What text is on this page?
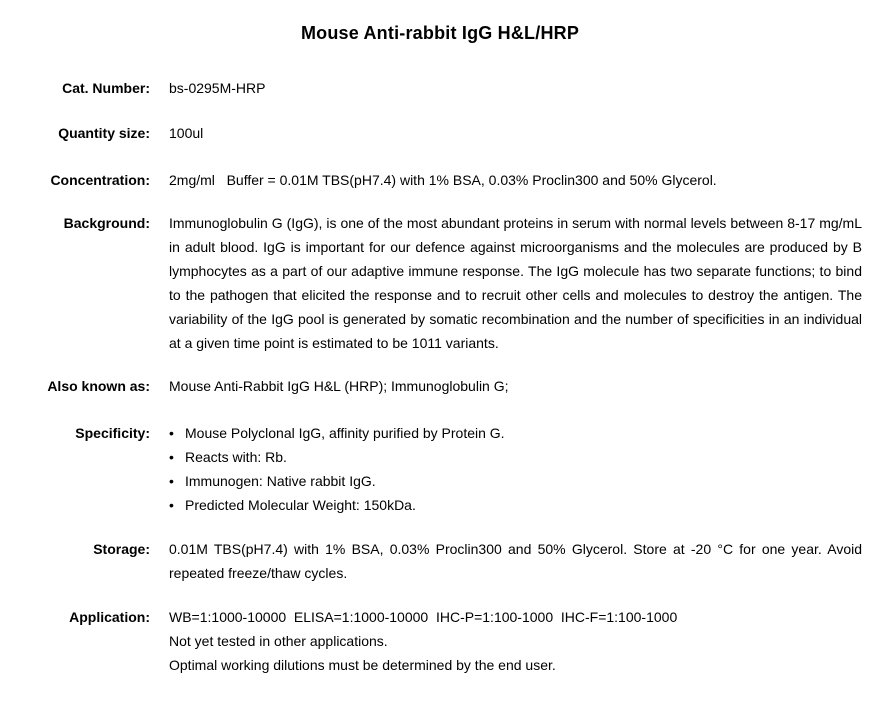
Mouse Anti-rabbit IgG H&L/HRP
Cat. Number: bs-0295M-HRP
Quantity size: 100ul
Concentration: 2mg/ml   Buffer = 0.01M TBS(pH7.4) with 1% BSA, 0.03% Proclin300 and 50% Glycerol.
Background: Immunoglobulin G (IgG), is one of the most abundant proteins in serum with normal levels between 8-17 mg/mL in adult blood. IgG is important for our defence against microorganisms and the molecules are produced by B lymphocytes as a part of our adaptive immune response. The IgG molecule has two separate functions; to bind to the pathogen that elicited the response and to recruit other cells and molecules to destroy the antigen. The variability of the IgG pool is generated by somatic recombination and the number of specificities in an individual at a given time point is estimated to be 1011 variants.
Also known as: Mouse Anti-Rabbit IgG H&L (HRP); Immunoglobulin G;
Specificity: •	Mouse Polyclonal IgG, affinity purified by Protein G.
•
Reacts with: Rb.
•
Immunogen: Native rabbit IgG.
•
Predicted Molecular Weight: 150kDa.
Storage: 0.01M TBS(pH7.4) with 1% BSA, 0.03% Proclin300 and 50% Glycerol. Store at -20 °C for one year. Avoid repeated freeze/thaw cycles.
Application: WB=1:1000-10000  ELISA=1:1000-10000  IHC-P=1:100-1000  IHC-F=1:100-1000
Not yet tested in other applications.
Optimal working dilutions must be determined by the end user.
